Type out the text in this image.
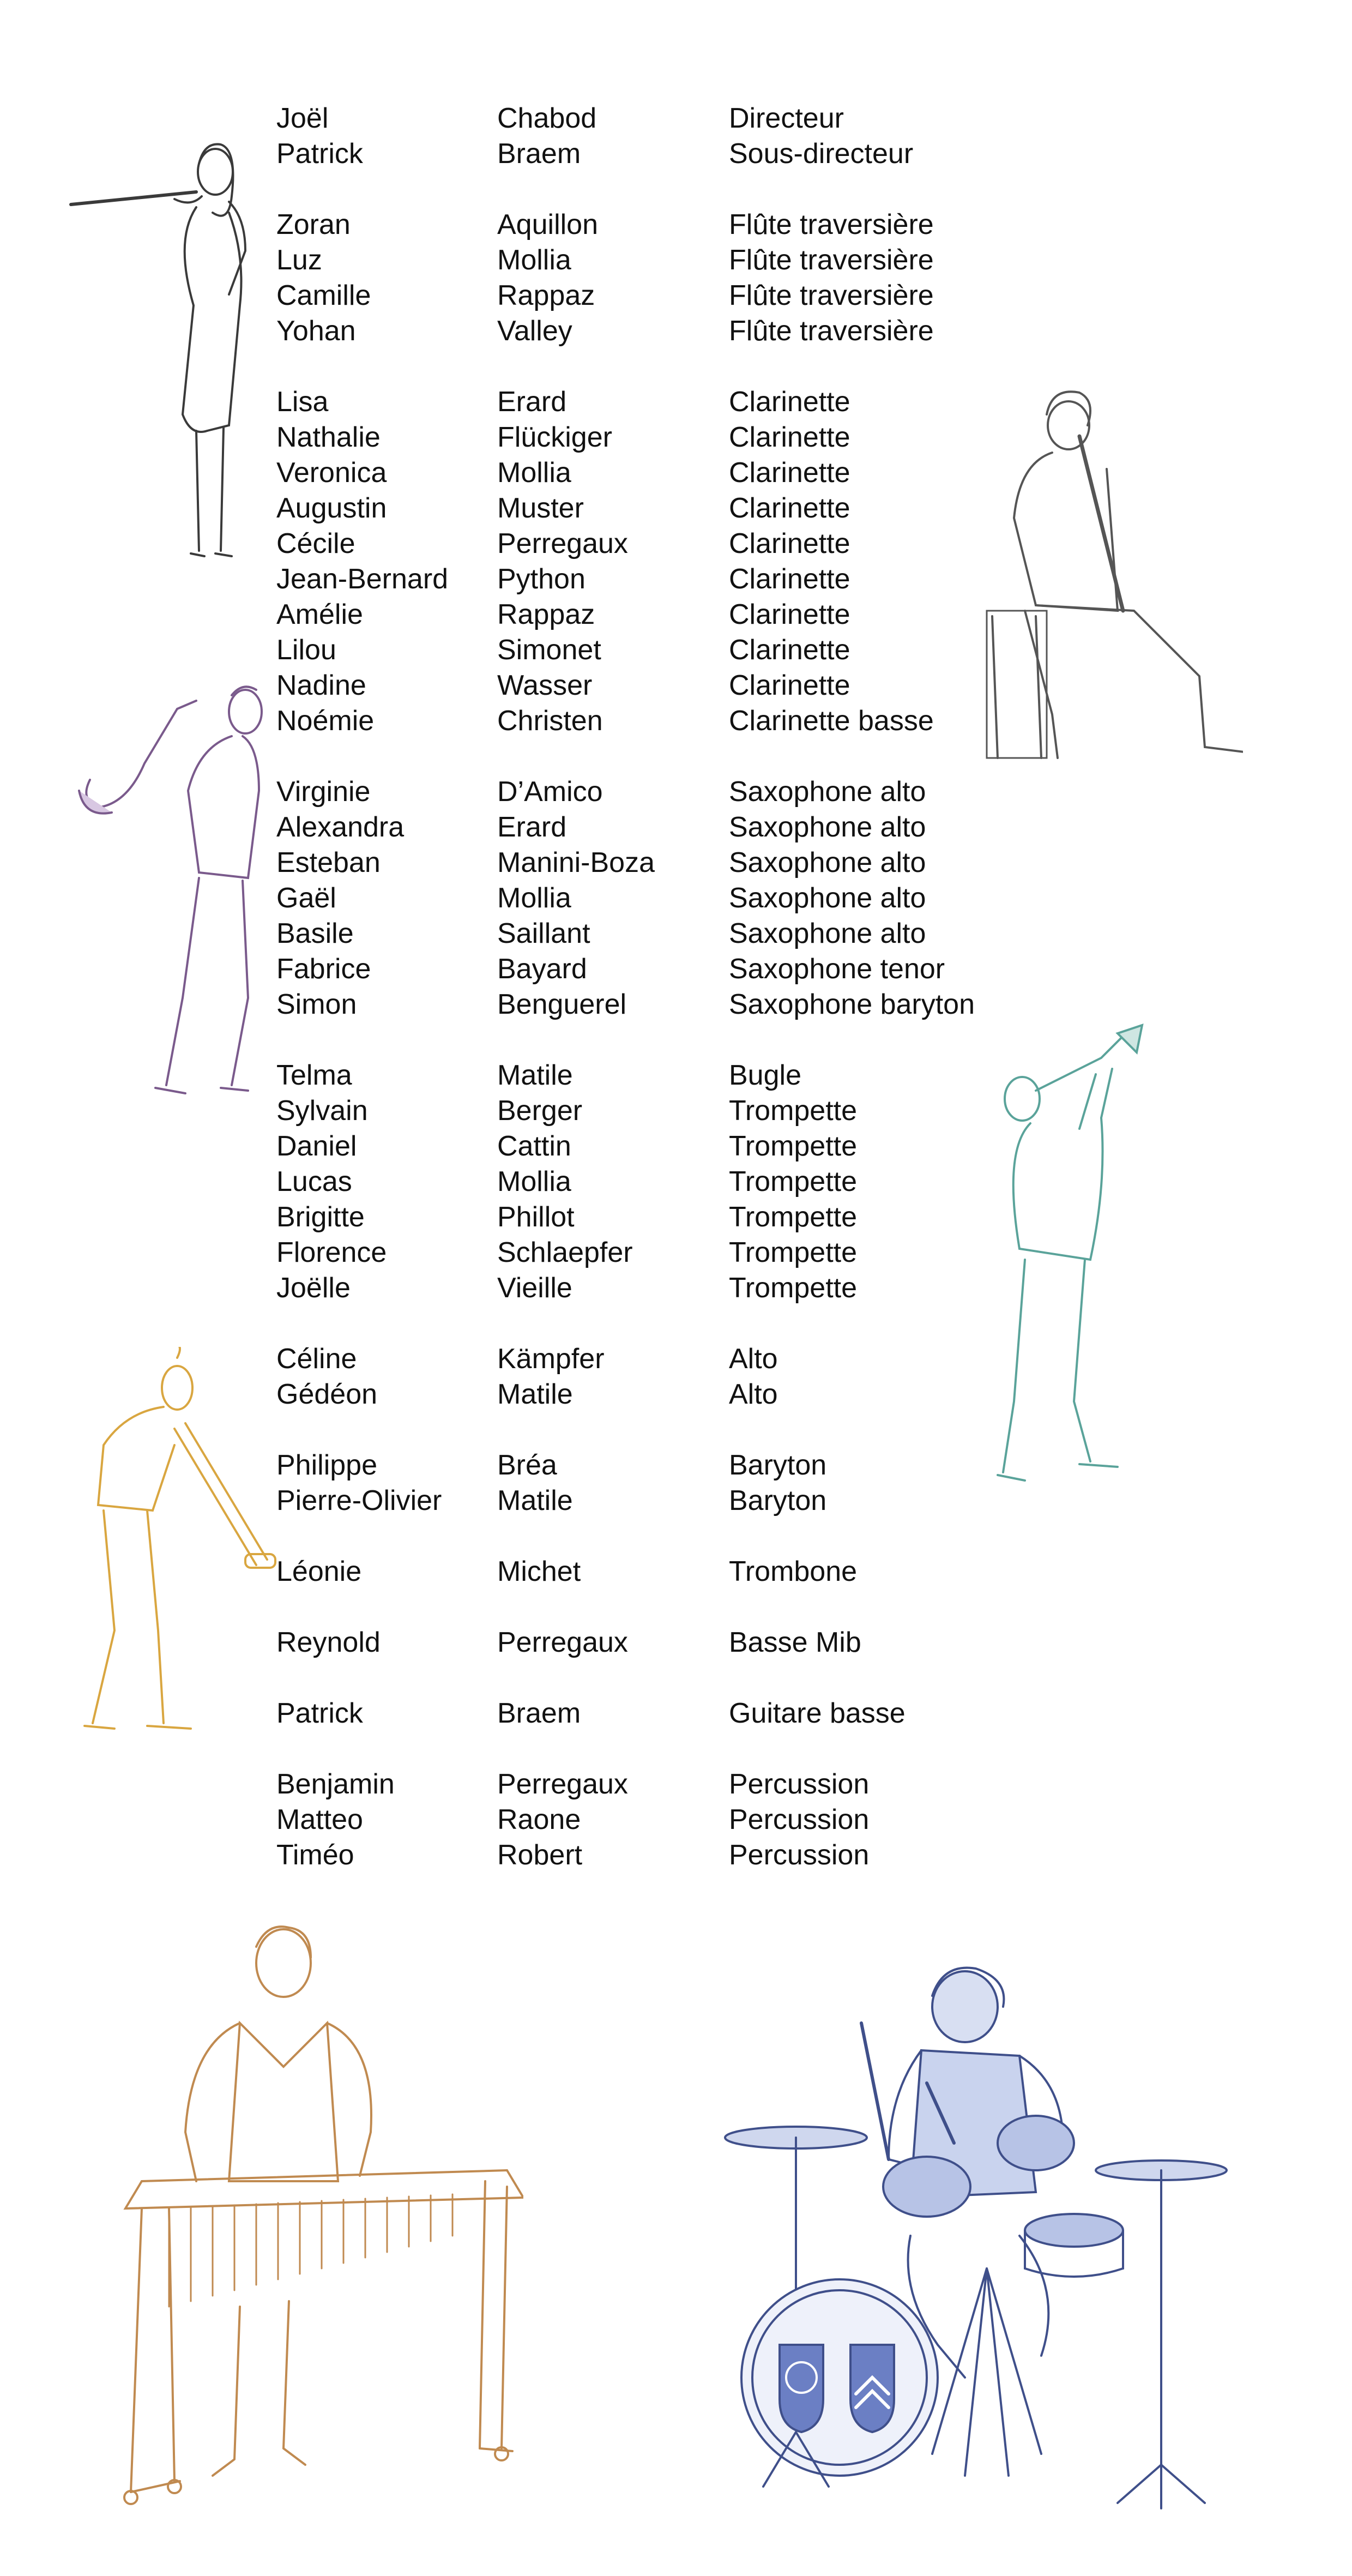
Joël	Chabod	Directeur
Patrick	Braem	Sous-directeur
Zoran	Aquillon	Flûte traversière
Luz	Mollia	Flûte traversière
Camille	Rappaz	Flûte traversière
Yohan	Valley	Flûte traversière
Lisa	Erard	Clarinette
Nathalie	Flückiger	Clarinette
Veronica	Mollia	Clarinette
Augustin	Muster	Clarinette
Cécile	Perregaux	Clarinette
Jean-Bernard	Python	Clarinette
Amélie	Rappaz	Clarinette
Lilou	Simonet	Clarinette
Nadine	Wasser	Clarinette
Noémie	Christen	Clarinette basse
Virginie	D’Amico	Saxophone alto
Alexandra	Erard	Saxophone alto
Esteban	Manini-Boza	Saxophone alto
Gaël	Mollia	Saxophone alto
Basile	Saillant	Saxophone alto
Fabrice	Bayard	Saxophone tenor
Simon	Benguerel	Saxophone baryton
Telma	Matile	Bugle
Sylvain	Berger	Trompette
Daniel	Cattin	Trompette
Lucas	Mollia	Trompette
Brigitte	Phillot	Trompette
Florence	Schlaepfer	Trompette
Joëlle	Vieille	Trompette
Céline	Kämpfer	Alto
Gédéon	Matile	Alto
Philippe	Bréa	Baryton
Pierre-Olivier	Matile	Baryton
Léonie	Michet	Trombone
Reynold	Perregaux	Basse Mib
Patrick	Braem	Guitare basse
Benjamin	Perregaux	Percussion
Matteo	Raone	Percussion
Timéo	Robert	Percussion
